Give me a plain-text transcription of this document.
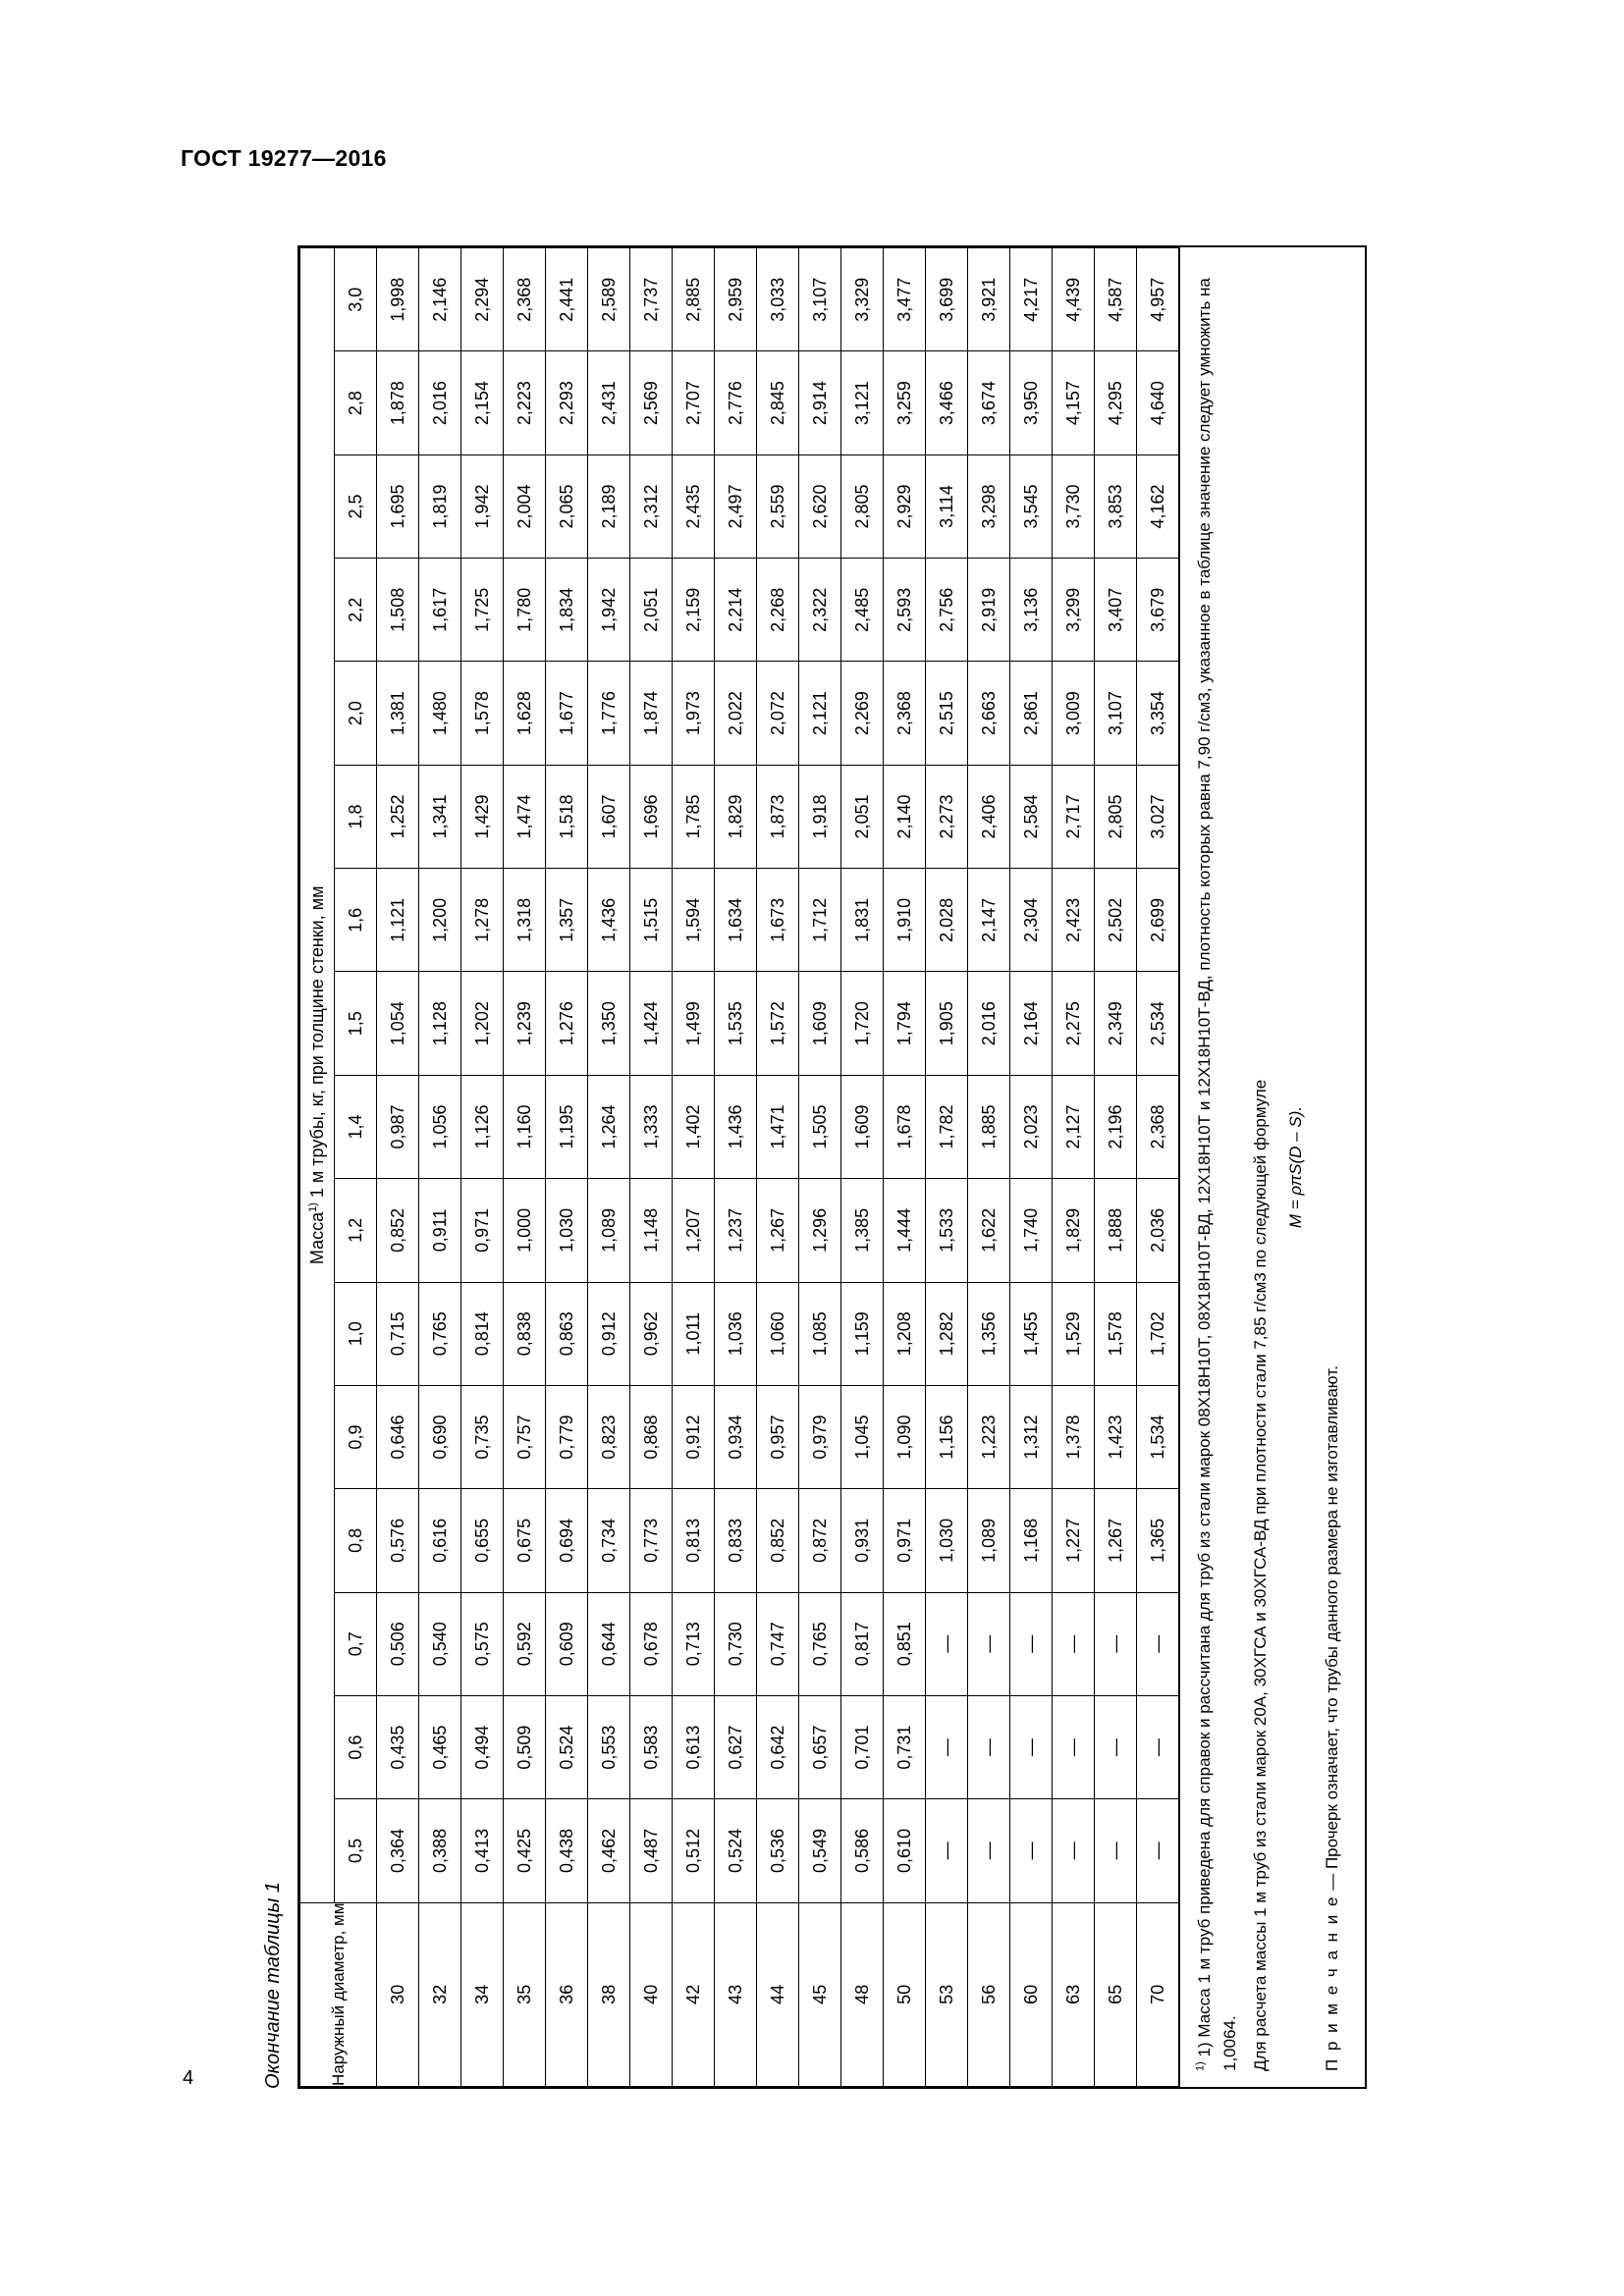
ГОСТ 19277—2016
4	Окончание таблицы 1	Наружный диаметр, мм	Масса$^{1)}$ 1 м трубы, кг, при толщине стенки, мм															
	0,5	0,6	0,7	0,8	0,9	1,0	1,2	1,4	1,5	1,6	1,8	2,0	2,2	2,5	2,8	3,0
30	0,364	0,435	0,506	0,576	0,646	0,715	0,852	0,987	1,054	1,121	1,252	1,381	1,508	1,695	1,878	1,998
32	0,388	0,465	0,540	0,616	0,690	0,765	0,911	1,056	1,128	1,200	1,341	1,480	1,617	1,819	2,016	2,146
34	0,413	0,494	0,575	0,655	0,735	0,814	0,971	1,126	1,202	1,278	1,429	1,578	1,725	1,942	2,154	2,294
35	0,425	0,509	0,592	0,675	0,757	0,838	1,000	1,160	1,239	1,318	1,474	1,628	1,780	2,004	2,223	2,368
36	0,438	0,524	0,609	0,694	0,779	0,863	1,030	1,195	1,276	1,357	1,518	1,677	1,834	2,065	2,293	2,441
38	0,462	0,553	0,644	0,734	0,823	0,912	1,089	1,264	1,350	1,436	1,607	1,776	1,942	2,189	2,431	2,589
40	0,487	0,583	0,678	0,773	0,868	0,962	1,148	1,333	1,424	1,515	1,696	1,874	2,051	2,312	2,569	2,737
42	0,512	0,613	0,713	0,813	0,912	1,011	1,207	1,402	1,499	1,594	1,785	1,973	2,159	2,435	2,707	2,885
43	0,524	0,627	0,730	0,833	0,934	1,036	1,237	1,436	1,535	1,634	1,829	2,022	2,214	2,497	2,776	2,959
44	0,536	0,642	0,747	0,852	0,957	1,060	1,267	1,471	1,572	1,673	1,873	2,072	2,268	2,559	2,845	3,033
45	0,549	0,657	0,765	0,872	0,979	1,085	1,296	1,505	1,609	1,712	1,918	2,121	2,322	2,620	2,914	3,107
48	0,586	0,701	0,817	0,931	1,045	1,159	1,385	1,609	1,720	1,831	2,051	2,269	2,485	2,805	3,121	3,329
50	0,610	0,731	0,851	0,971	1,090	1,208	1,444	1,678	1,794	1,910	2,140	2,368	2,593	2,929	3,259	3,477
53	—	—	—	1,030	1,156	1,282	1,533	1,782	1,905	2,028	2,273	2,515	2,756	3,114	3,466	3,699
56	—	—	—	1,089	1,223	1,356	1,622	1,885	2,016	2,147	2,406	2,663	2,919	3,298	3,674	3,921
60	—	—	—	1,168	1,312	1,455	1,740	2,023	2,164	2,304	2,584	2,861	3,136	3,545	3,950	4,217
63	—	—	—	1,227	1,378	1,529	1,829	2,127	2,275	2,423	2,717	3,009	3,299	3,730	4,157	4,439
65	—	—	—	1,267	1,423	1,578	1,888	2,196	2,349	2,502	2,805	3,107	3,407	3,853	4,295	4,587
70	—	—	—	1,365	1,534	1,702	2,036	2,368	2,534	2,699	3,027	3,354	3,679	4,162	4,640	4,957

$^{1)}$ 1) Масса 1 м труб приведена для справок и рассчитана для труб из стали марок 08Х18Н10Т, 08Х18Н10Т-ВД, 12Х18Н10Т и 12Х18Н10Т-ВД, плотность которых равна 7,90 г/см3, указанное в таблице значение следует умножить на 1,0064. Для расчета массы 1 м труб из стали марок 20А, 30ХГСА и 30ХГСА-ВД при плотности стали 7,85 г/см3 по следующей формуле M = ρπS(D – S).

П р и м е ч а н и е — Прочерк означает, что трубы данного размера не изготавливают.
